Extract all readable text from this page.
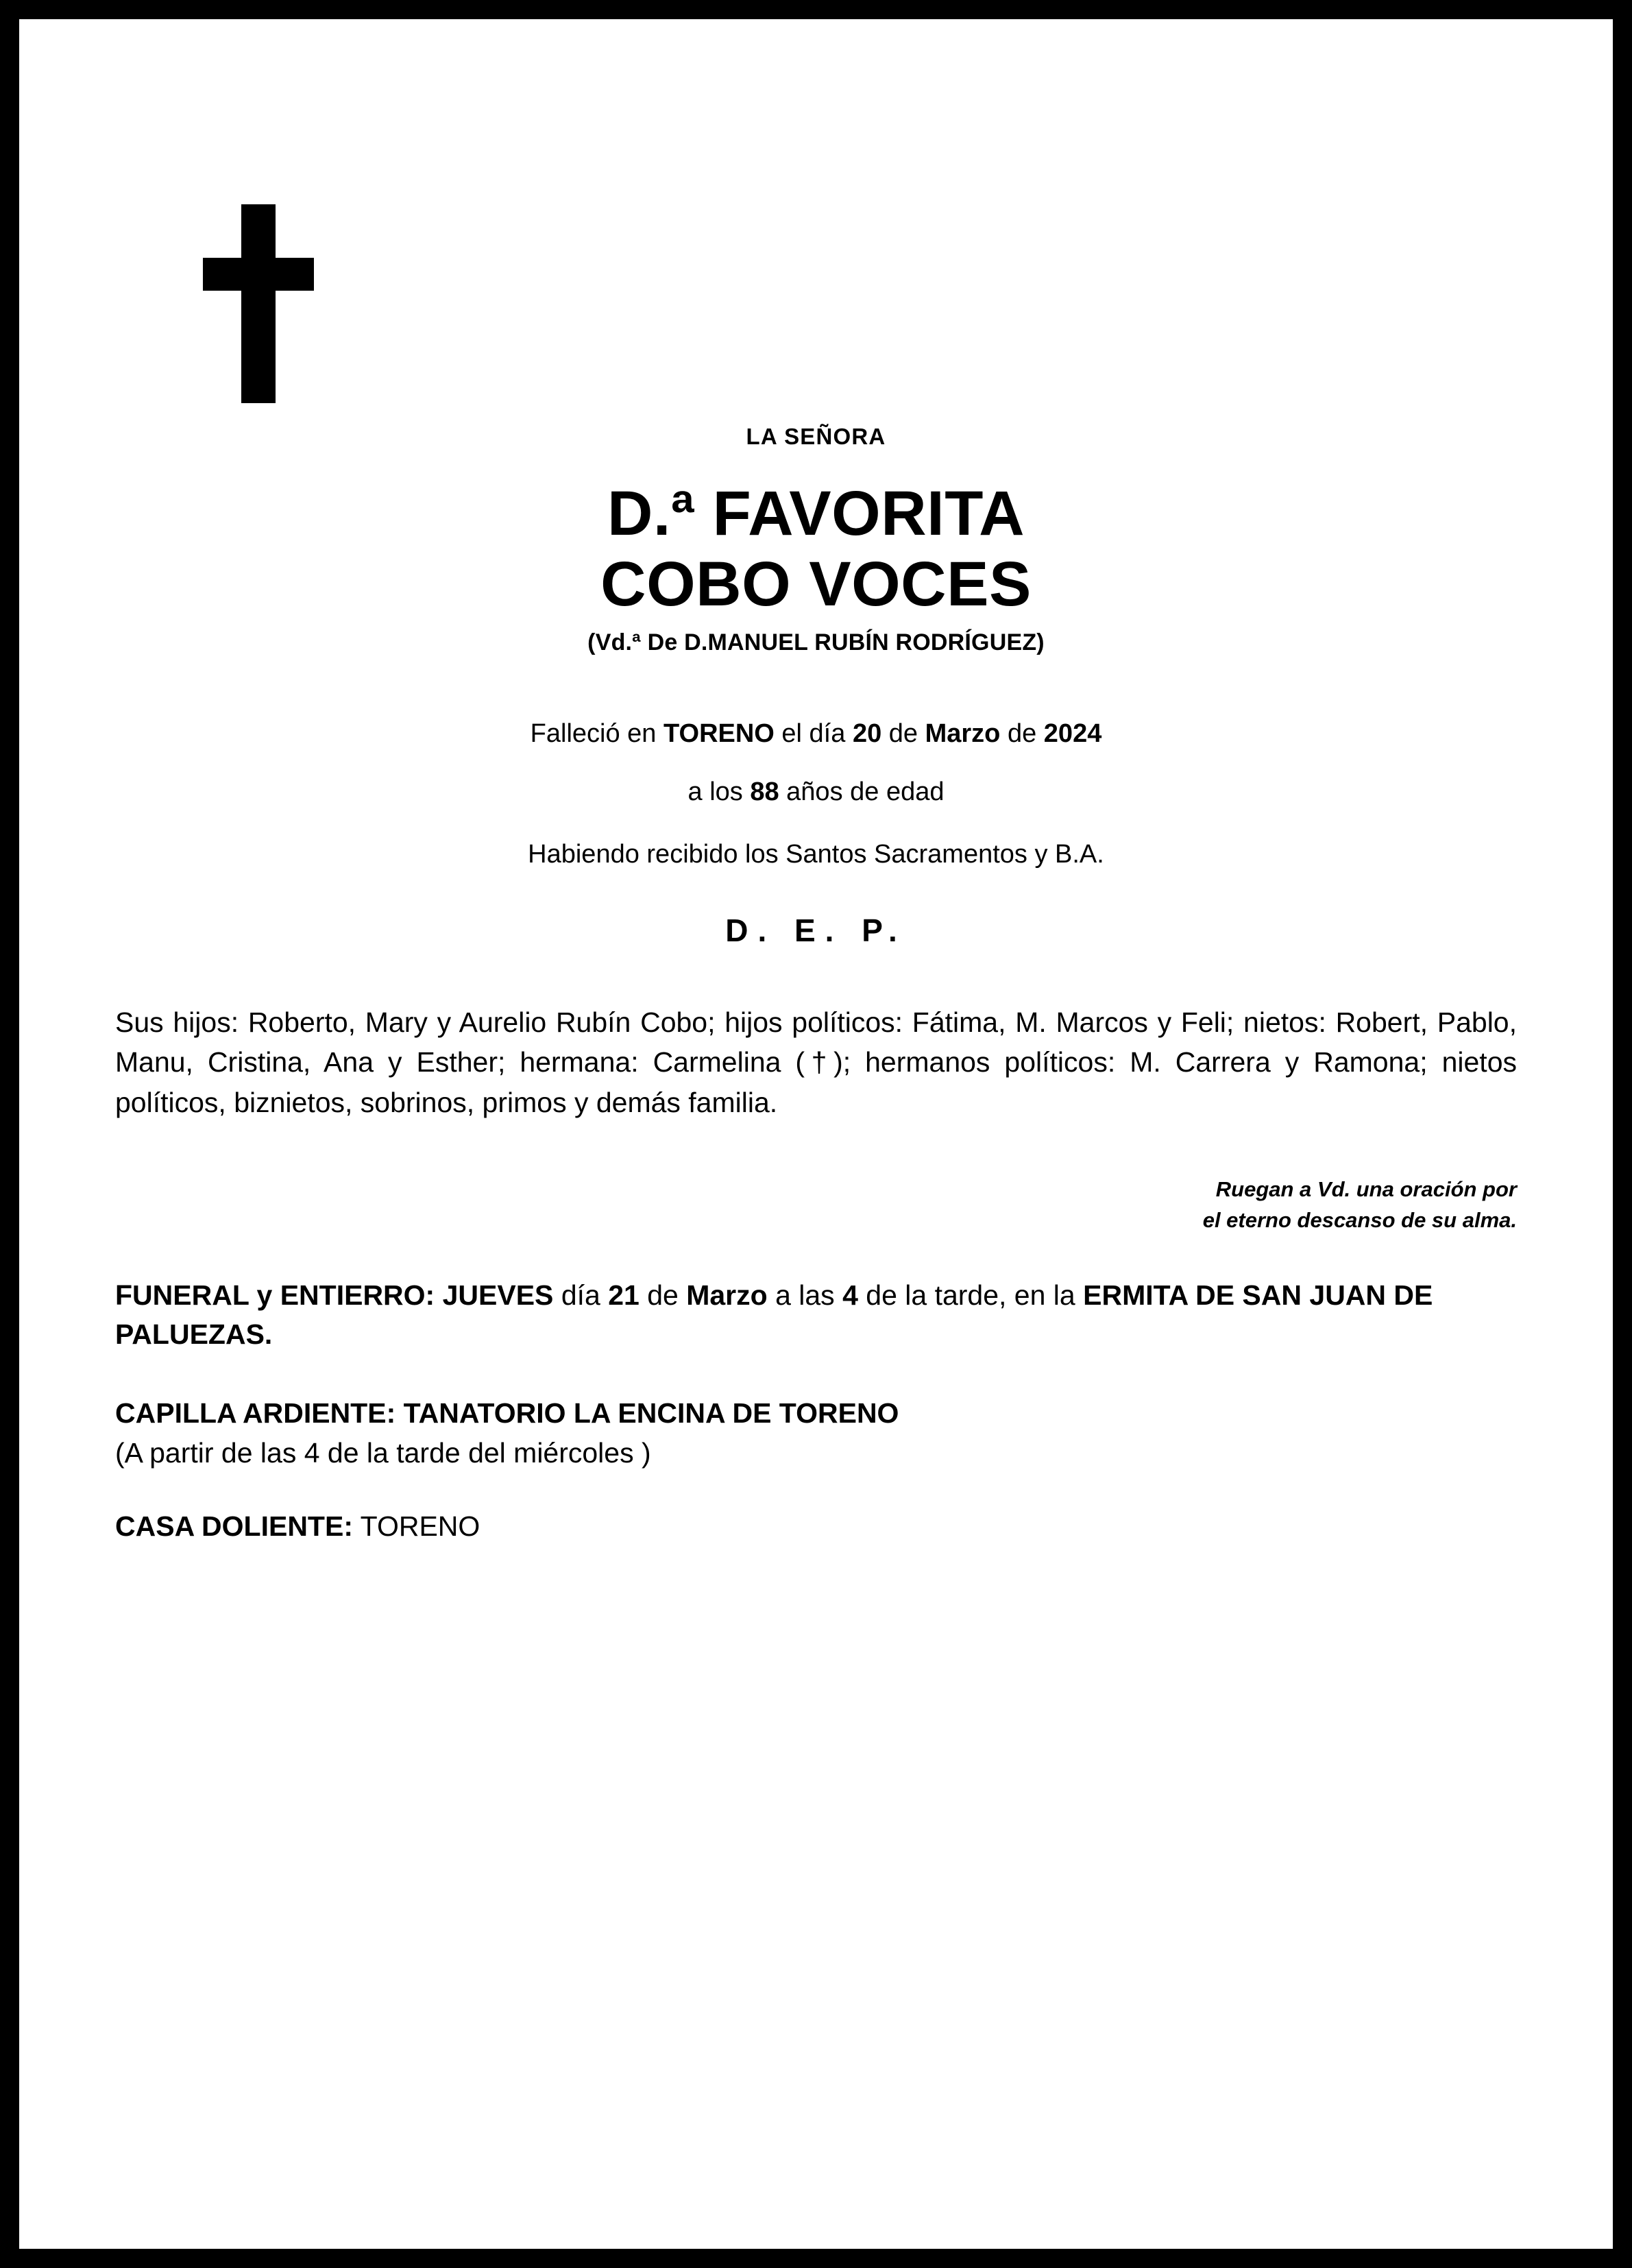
LA SEÑORA
D.ª FAVORITA
COBO VOCES
(Vd.ª De D.MANUEL RUBÍN RODRÍGUEZ)
Falleció en TORENO el día 20 de Marzo de 2024
a los 88 años de edad
Habiendo recibido los Santos Sacramentos y B.A.
D. E. P.
Sus hijos: Roberto, Mary y Aurelio Rubín Cobo; hijos políticos: Fátima, M. Marcos y Feli; nietos: Robert, Pablo, Manu, Cristina, Ana y Esther; hermana: Carmelina (†); hermanos políticos: M. Carrera y Ramona; nietos políticos, biznietos, sobrinos, primos y demás familia.
Ruegan a Vd. una oración por
el eterno descanso de su alma.
FUNERAL y ENTIERRO: JUEVES día 21 de Marzo a las 4 de la tarde, en la ERMITA DE SAN JUAN DE PALUEZAS.
CAPILLA ARDIENTE: TANATORIO LA ENCINA DE TORENO
(A partir de las 4 de la tarde del miércoles )
CASA DOLIENTE: TORENO
